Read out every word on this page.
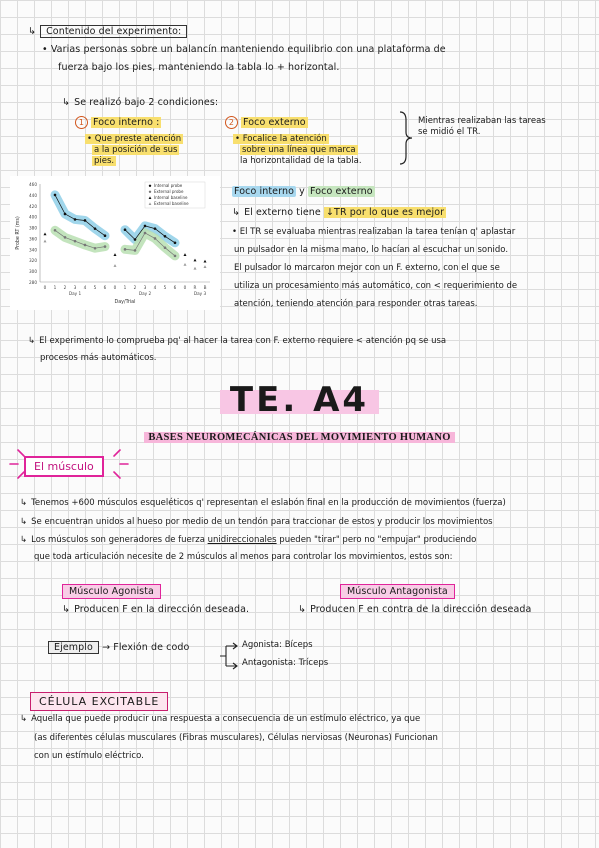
↳ Contenido del experimento:
• Varias personas sobre un balancín manteniendo equilibrio con una plataforma de
fuerza bajo los pies, manteniendo la tabla lo + horizontal.
↳ Se realizó bajo 2 condiciones:
1 Foco interno :
• Que preste atención
a la posición de sus
pies.
2 Foco externo
• Focalice la atención
sobre una línea que marca
la horizontalidad de la tabla.
Mientras realizaban las tareas
se midió el TR.
280
300
320
340
360
380
400
420
440
460
0 1 2 3 4 5 6 0 1 2 3 4 5 6 0 R B
Day 1	Day 2	Day 3
Day/Trial
Probe RT (ms)
Internal probe
External probe
Internal baseline
External baseline
Foco interno y Foco externo
↳ El externo tiene ↓TR por lo que es mejor
• El TR se evaluaba mientras realizaban la tarea tenían q' aplastar
un pulsador en la misma mano, lo hacían al escuchar un sonido.
El pulsador lo marcaron mejor con un F. externo, con el que se
utiliza un procesamiento más automático, con < requerimiento de
atención, teniendo atención para responder otras tareas.
↳ El experimento lo comprueba pq' al hacer la tarea con F. externo requiere < atención pq se usa
procesos más automáticos.
TE. A4
BASES NEUROMECÁNICAS DEL MOVIMIENTO HUMANO
El músculo
↳ Tenemos +600 músculos esqueléticos q' representan el eslabón final en la producción de movimientos (fuerza)
↳ Se encuentran unidos al hueso por medio de un tendón para traccionar de estos y producir los movimientos
↳ Los músculos son generadores de fuerza unidireccionales pueden "tirar" pero no "empujar" produciendo
que toda articulación necesite de 2 músculos al menos para controlar los movimientos, estos son:
Músculo Agonista
↳ Producen F en la dirección deseada.
Músculo Antagonista
↳ Producen F en contra de la dirección deseada
Ejemplo → Flexión de codo	Agonista: Bíceps
Antagonista: Tríceps
CÉLULA EXCITABLE
↳ Aquella que puede producir una respuesta a consecuencia de un estímulo eléctrico, ya que
(as diferentes células musculares (Fibras musculares), Células nerviosas (Neuronas) Funcionan
con un estímulo eléctrico.
